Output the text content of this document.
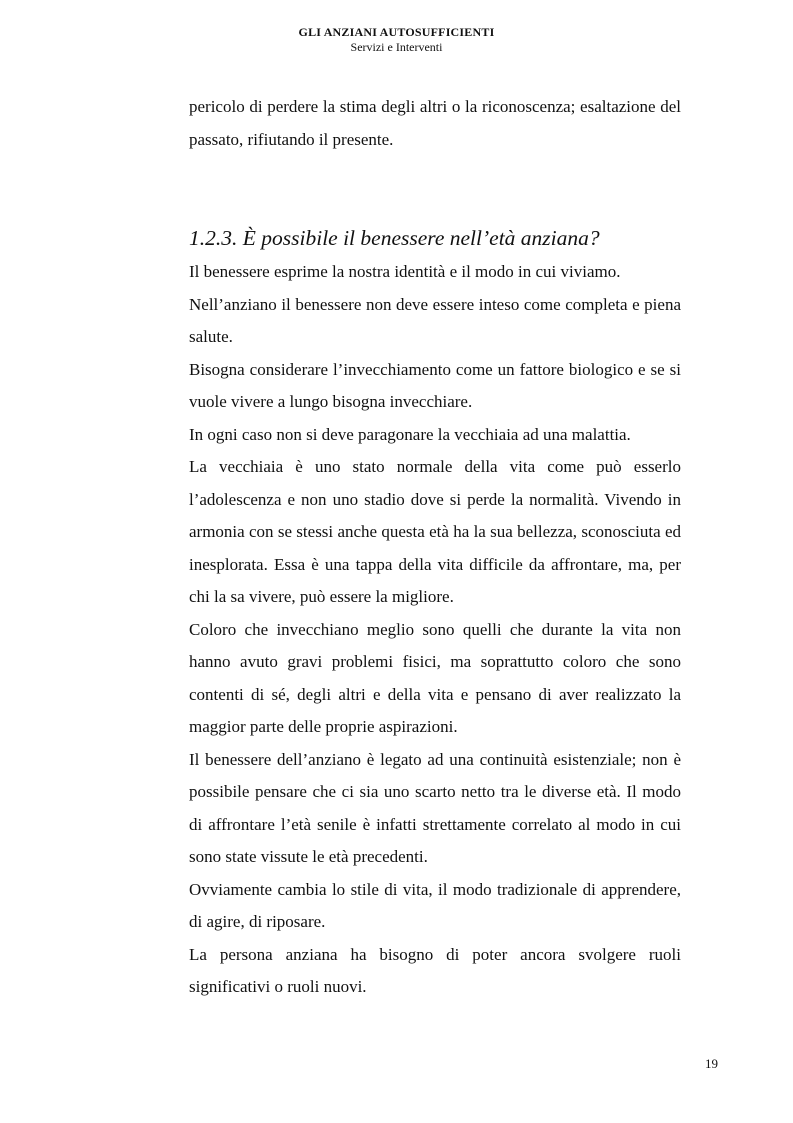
GLI ANZIANI AUTOSUFFICIENTI
Servizi e Interventi

pericolo di perdere la stima degli altri o la riconoscenza; esaltazione del passato, rifiutando il presente.

1.2.3. È possibile il benessere nell’età anziana?

Il benessere esprime la nostra identità e il modo in cui viviamo.

Nell’anziano il benessere non deve essere inteso come completa e piena salute.

Bisogna considerare l’invecchiamento come un fattore biologico e se si vuole vivere a lungo bisogna invecchiare.

In ogni caso non si deve paragonare la vecchiaia ad una malattia.

La vecchiaia è uno stato normale della vita come può esserlo l’adolescenza e non uno stadio dove si perde la normalità. Vivendo in armonia con se stessi anche questa età ha la sua bellezza, sconosciuta ed inesplorata. Essa è una tappa della vita difficile da affrontare, ma, per chi la sa vivere, può essere la migliore.

Coloro che invecchiano meglio sono quelli che durante la vita non hanno avuto gravi problemi fisici, ma soprattutto coloro che sono contenti di sé, degli altri e della vita e pensano di aver realizzato la maggior parte delle proprie aspirazioni.

Il benessere dell’anziano è legato ad una continuità esistenziale; non è possibile pensare che ci sia uno scarto netto tra le diverse età. Il modo di affrontare l’età senile è infatti strettamente correlato al modo in cui sono state vissute le età precedenti.

Ovviamente cambia lo stile di vita, il modo tradizionale di apprendere, di agire, di riposare.

La persona anziana ha bisogno di poter ancora svolgere ruoli significativi o ruoli nuovi.

19
